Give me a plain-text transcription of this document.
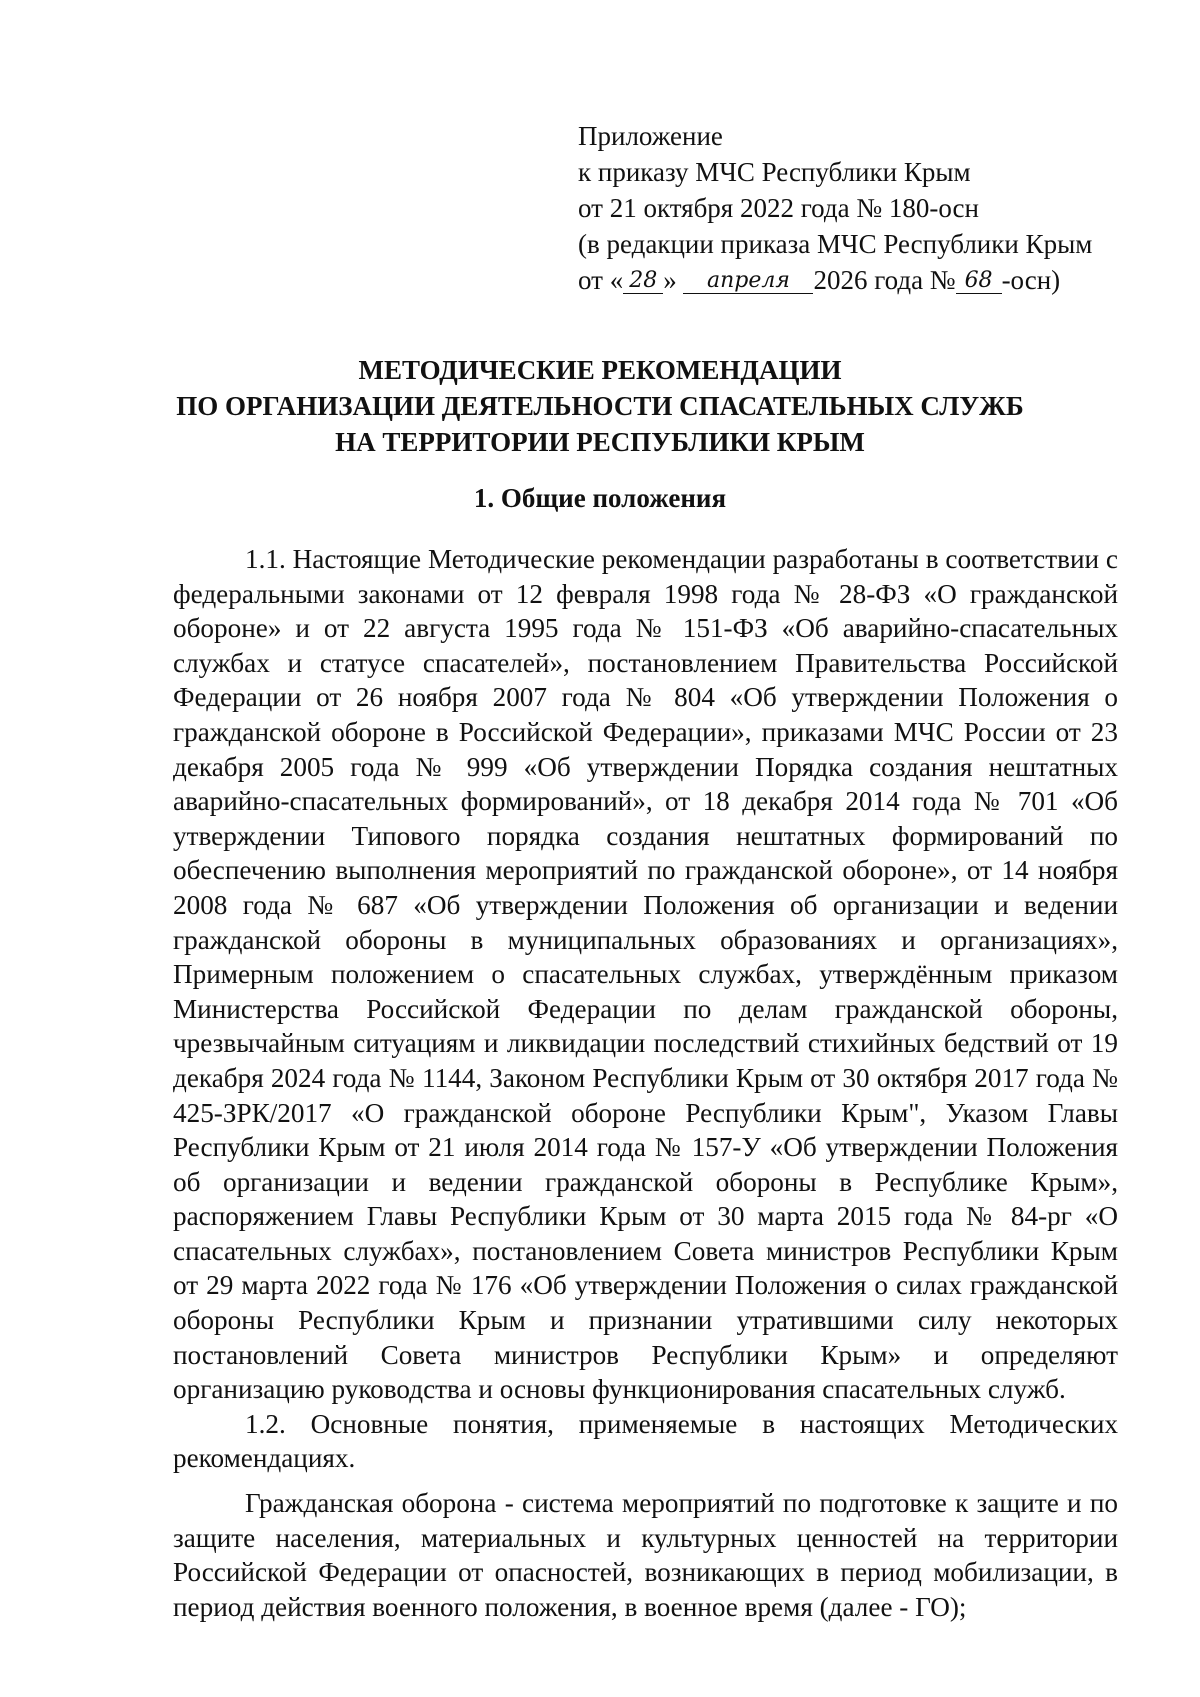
Приложение
к приказу МЧС Республики Крым
от 21 октября 2022 года № 180-осн
(в редакции приказа МЧС Республики Крым
от « 28 » апреля 2026 года № 68 -осн)
МЕТОДИЧЕСКИЕ РЕКОМЕНДАЦИИ
ПО ОРГАНИЗАЦИИ ДЕЯТЕЛЬНОСТИ СПАСАТЕЛЬНЫХ СЛУЖБ
НА ТЕРРИТОРИИ РЕСПУБЛИКИ КРЫМ
1. Общие положения

1.1. Настоящие Методические рекомендации разработаны в соответствии с федеральными законами от 12 февраля 1998 года № 28-ФЗ «О гражданской обороне» и от 22 августа 1995 года № 151-ФЗ «Об аварийно-спасательных службах и статусе спасателей», постановлением Правительства Российской Федерации от 26 ноября 2007 года № 804 «Об утверждении Положения о гражданской обороне в Российской Федерации», приказами МЧС России от 23 декабря 2005 года № 999 «Об утверждении Порядка создания нештатных аварийно-спасательных формирований», от 18 декабря 2014 года № 701 «Об утверждении Типового порядка создания нештатных формирований по обеспечению выполнения мероприятий по гражданской обороне», от 14 ноября 2008 года № 687 «Об утверждении Положения об организации и ведении гражданской обороны в муниципальных образованиях и организациях», Примерным положением о спасательных службах, утверждённым приказом Министерства Российской Федерации по делам гражданской обороны, чрезвычайным ситуациям и ликвидации последствий стихийных бедствий от 19 декабря 2024 года № 1144, Законом Республики Крым от 30 октября 2017 года № 425-ЗРК/2017 «О гражданской обороне Республики Крым", Указом Главы Республики Крым от 21 июля 2014 года № 157-У «Об утверждении Положения об организации и ведении гражданской обороны в Республике Крым», распоряжением Главы Республики Крым от 30 марта 2015 года № 84-рг «О спасательных службах», постановлением Совета министров Республики Крым от 29 марта 2022 года № 176 «Об утверждении Положения о силах гражданской обороны Республики Крым и признании утратившими силу некоторых постановлений Совета министров Республики Крым» и определяют организацию руководства и основы функционирования спасательных служб.

1.2. Основные понятия, применяемые в настоящих Методических рекомендациях.

Гражданская оборона - система мероприятий по подготовке к защите и по защите населения, материальных и культурных ценностей на территории Российской Федерации от опасностей, возникающих в период мобилизации, в период действия военного положения, в военное время (далее - ГО);
